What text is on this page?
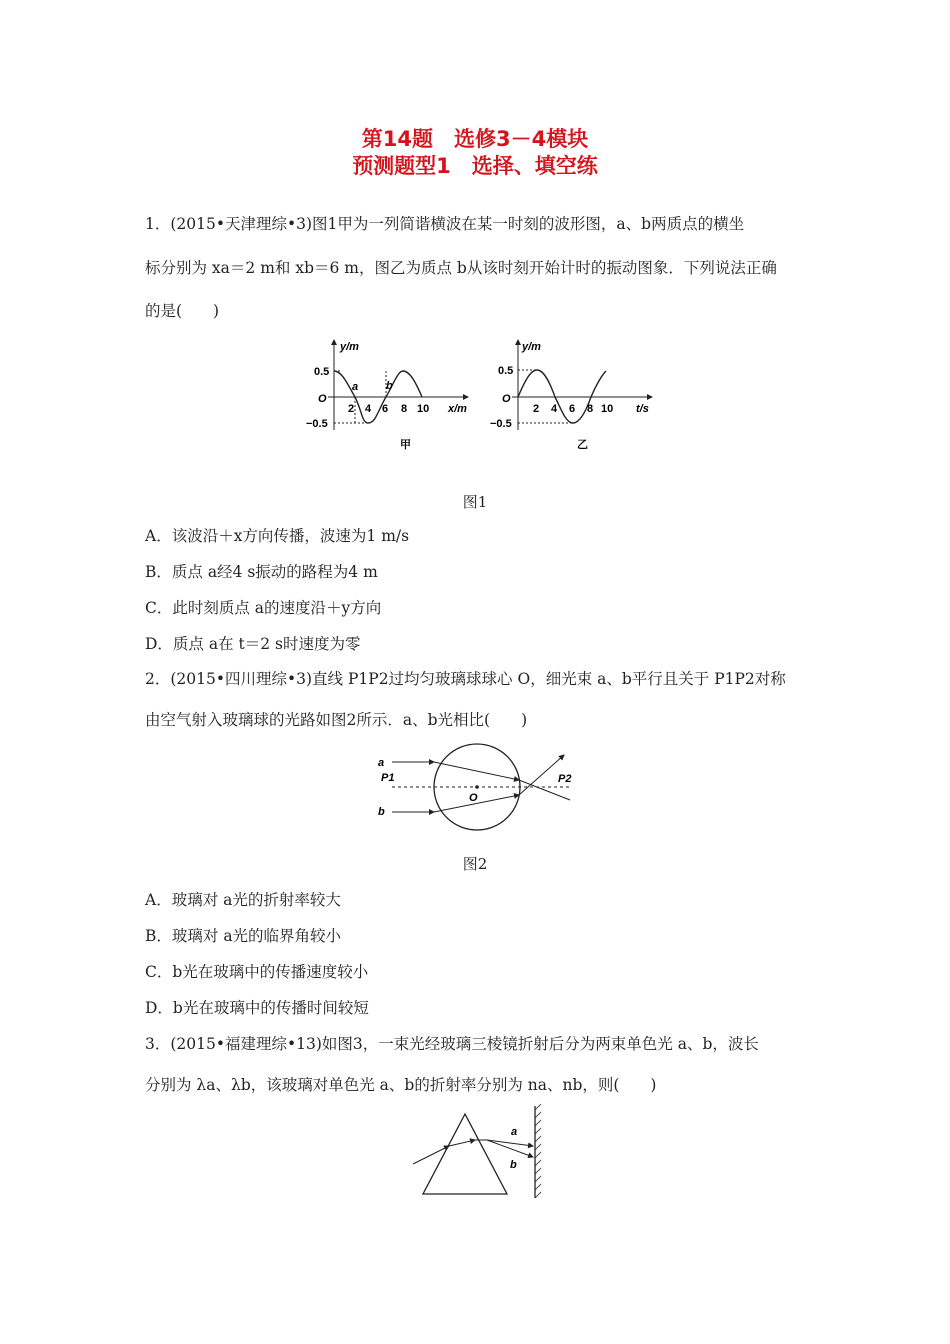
第14题　选修3－4模块
预测题型1　选择、填空练
1．(2015•天津理综•3)图1甲为一列简谐横波在某一时刻的波形图，a、b两质点的横坐
标分别为 xa＝2 m和 xb＝6 m，图乙为质点 b从该时刻开始计时的振动图象．下列说法正确
的是(　　)
y/m
0.5
O
−0.5
2 4 6 8 10 x/m
a	b
甲
y/m
0.5
O
−0.5
2 4 6 8 10 t/s
乙
图1
A．该波沿＋x方向传播，波速为1 m/s
B．质点 a经4 s振动的路程为4 m
C．此时刻质点 a的速度沿＋y方向
D．质点 a在 t＝2 s时速度为零
2．(2015•四川理综•3)直线 P1P2过均匀玻璃球球心 O，细光束 a、b平行且关于 P1P2对称
由空气射入玻璃球的光路如图2所示．a、b光相比(　　)
a
b
P1	P2
O
图2
A．玻璃对 a光的折射率较大
B．玻璃对 a光的临界角较小
C．b光在玻璃中的传播速度较小
D．b光在玻璃中的传播时间较短
3．(2015•福建理综•13)如图3，一束光经玻璃三棱镜折射后分为两束单色光 a、b，波长
分别为 λa、λb，该玻璃对单色光 a、b的折射率分别为 na、nb，则(　　)
a
b
